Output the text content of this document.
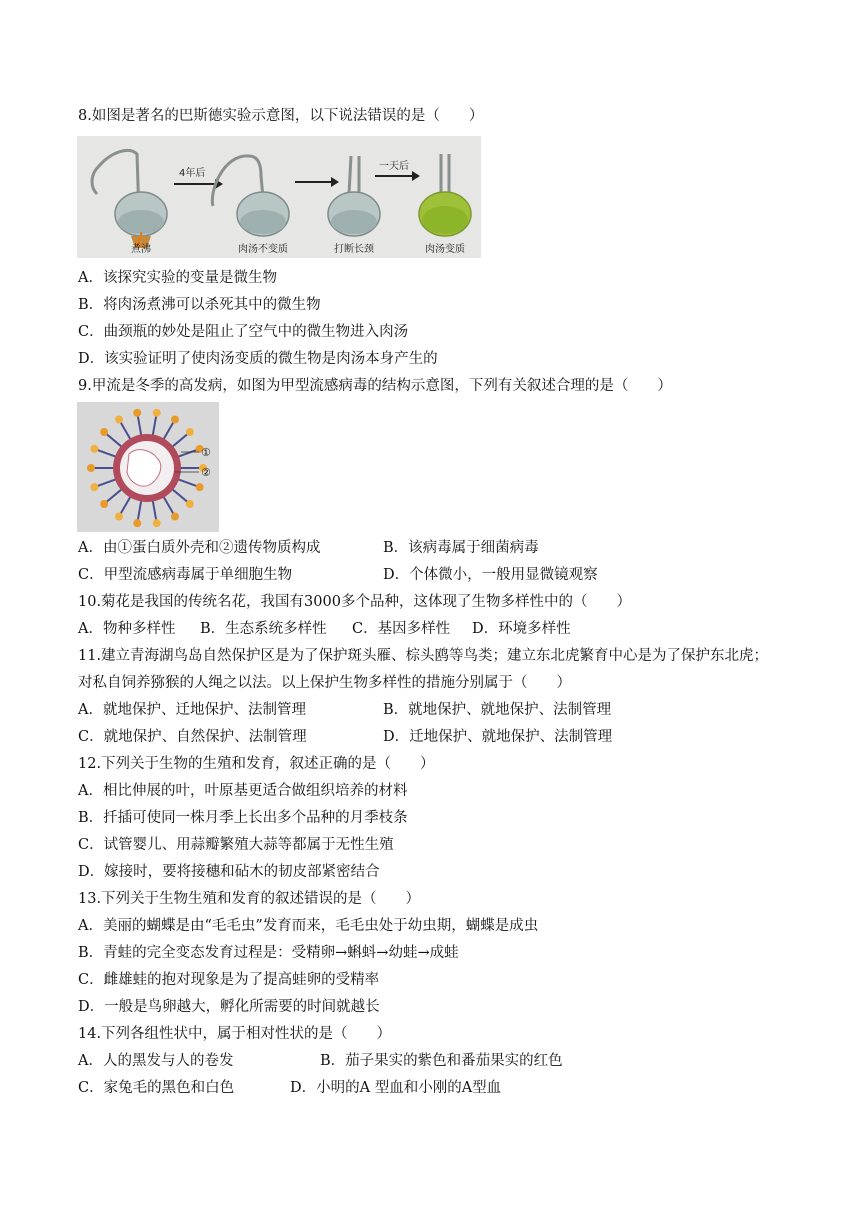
8.如图是著名的巴斯德实验示意图，以下说法错误的是（　　）
4年后
一天后
煮沸	肉汤不变质	打断长颈	肉汤变质
A．该探究实验的变量是微生物
B．将肉汤煮沸可以杀死其中的微生物
C．曲颈瓶的妙处是阻止了空气中的微生物进入肉汤
D．该实验证明了使肉汤变质的微生物是肉汤本身产生的
9.甲流是冬季的高发病，如图为甲型流感病毒的结构示意图，下列有关叙述合理的是（　　）
①
②
A．由①蛋白质外壳和②遗传物质构成	B．该病毒属于细菌病毒
C．甲型流感病毒属于单细胞生物	D．个体微小，一般用显微镜观察
10.菊花是我国的传统名花，我国有3000多个品种，这体现了生物多样性中的（　　）
A．物种多样性 B．生态系统多样性 C．基因多样性 D．环境多样性
11.建立青海湖鸟岛自然保护区是为了保护斑头雁、棕头鸥等鸟类；建立东北虎繁育中心是为了保护东北虎；
对私自饲养猕猴的人绳之以法。以上保护生物多样性的措施分别属于（　　）
A．就地保护、迁地保护、法制管理	B．就地保护、就地保护、法制管理
C．就地保护、自然保护、法制管理	D．迁地保护、就地保护、法制管理
12.下列关于生物的生殖和发育，叙述正确的是（　　）
A．相比伸展的叶，叶原基更适合做组织培养的材料
B．扦插可使同一株月季上长出多个品种的月季枝条
C．试管婴儿、用蒜瓣繁殖大蒜等都属于无性生殖
D．嫁接时，要将接穗和砧木的韧皮部紧密结合
13.下列关于生物生殖和发育的叙述错误的是（　　）
A．美丽的蝴蝶是由“毛毛虫”发育而来，毛毛虫处于幼虫期，蝴蝶是成虫
B．青蛙的完全变态发育过程是：受精卵→蝌蚪→幼蛙→成蛙
C．雌雄蛙的抱对现象是为了提高蛙卵的受精率
D．一般是鸟卵越大，孵化所需要的时间就越长
14.下列各组性状中，属于相对性状的是（　　）
A．人的黑发与人的卷发	B．茄子果实的紫色和番茄果实的红色
C．家兔毛的黑色和白色	D．小明的A 型血和小刚的A型血
